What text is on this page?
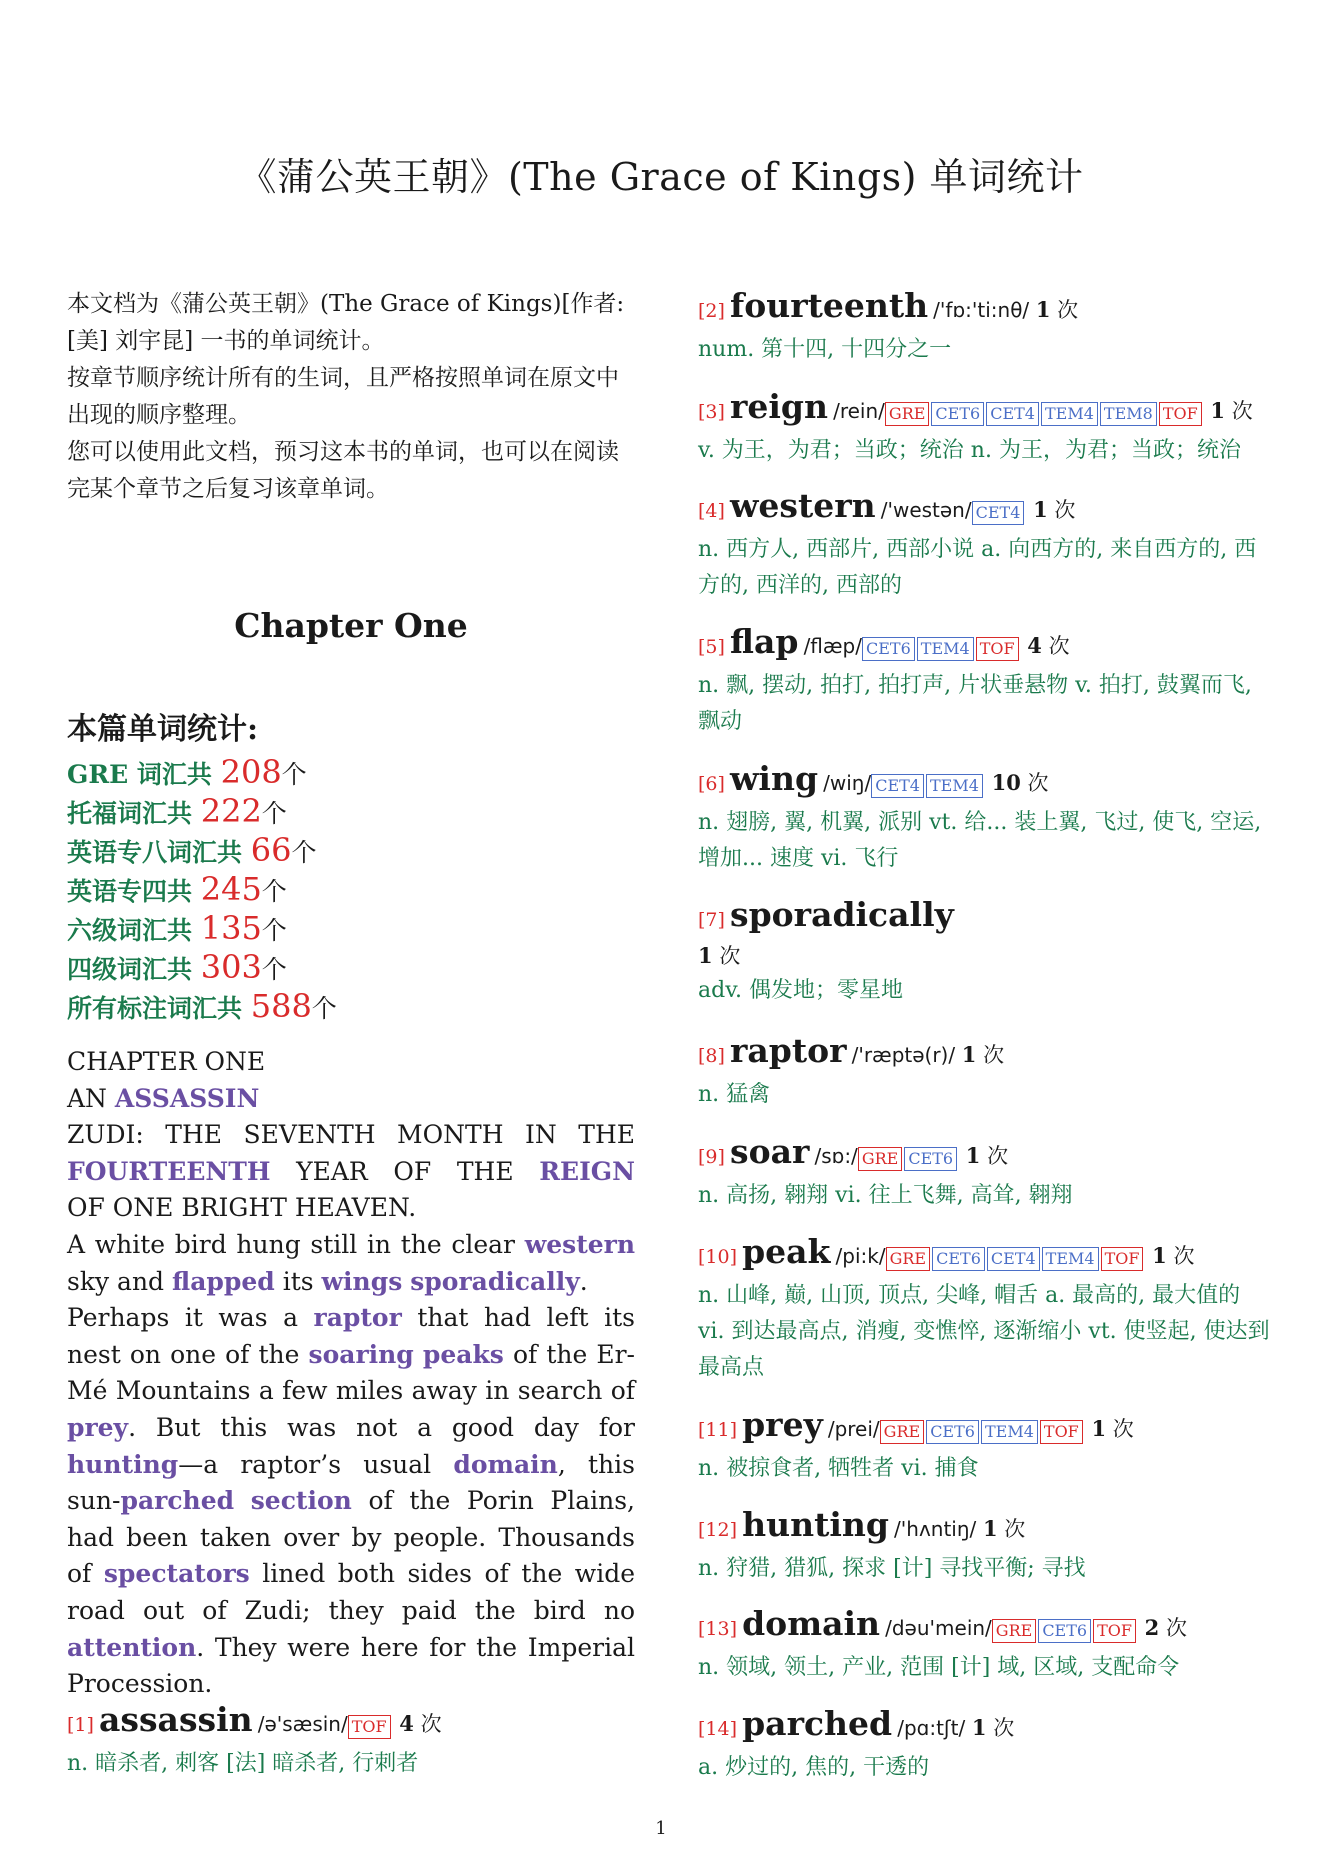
《蒲公英王朝》(The Grace of Kings) 单词统计

本文档为《蒲公英王朝》(The Grace of Kings)[作者: [美] 刘宇昆] 一书的单词统计。

按章节顺序统计所有的生词，且严格按照单词在原文中出现的顺序整理。

您可以使用此文档，预习这本书的单词，也可以在阅读完某个章节之后复习该章单词。

Chapter One
本篇单词统计:
GRE 词汇共 208个
托福词汇共 222个
英语专八词汇共 66个
英语专四共 245个
六级词汇共 135个
四级词汇共 303个
所有标注词汇共 588个
CHAPTER ONE
AN ASSASSIN
ZUDI: THE SEVENTH MONTH IN THE
FOURTEENTH YEAR OF THE REIGN
OF ONE BRIGHT HEAVEN.
A white bird hung still in the clear western sky and flapped its wings sporadically.
Perhaps it was a raptor that had left its nest on one of the soaring peaks of the Er-Mé Mountains a few miles away in search of prey. But this was not a good day for hunting—a raptor’s usual domain, this sun-parched section of the Porin Plains, had been taken over by people. Thousands of spectators lined both sides of the wide road out of Zudi; they paid the bird no attention. They were here for the Imperial Procession.
[1] assassin /ə'sæsin/ TOF 4 次
n. 暗杀者, 刺客 [法] 暗杀者, 行刺者
[2] fourteenth /'fɒ:'ti:nθ/ 1 次
num. 第十四, 十四分之一
[3] reign /rein/ GRE CET6 CET4 TEM4 TEM8 TOF 1 次
v. 为王，为君；当政；统治 n. 为王，为君；当政；统治
[4] western /'westən/ CET4 1 次
n. 西方人, 西部片, 西部小说 a. 向西方的, 来自西方的, 西方的, 西洋的, 西部的
[5] flap /flæp/ CET6 TEM4 TOF 4 次
n. 飘, 摆动, 拍打, 拍打声, 片状垂悬物 v. 拍打, 鼓翼而飞, 飘动
[6] wing /wiŋ/ CET4 TEM4 10 次
n. 翅膀, 翼, 机翼, 派别 vt. 给... 装上翼, 飞过, 使飞, 空运, 增加... 速度 vi. 飞行
[7] sporadically
1 次
adv. 偶发地；零星地
[8] raptor /'ræptə(r)/ 1 次
n. 猛禽
[9] soar /sɒ:/ GRE CET6 1 次
n. 高扬, 翱翔 vi. 往上飞舞, 高耸, 翱翔
[10] peak /pi:k/ GRE CET6 CET4 TEM4 TOF 1 次
n. 山峰, 巅, 山顶, 顶点, 尖峰, 帽舌 a. 最高的, 最大值的 vi. 到达最高点, 消瘦, 变憔悴, 逐渐缩小 vt. 使竖起, 使达到最高点
[11] prey /prei/ GRE CET6 TEM4 TOF 1 次
n. 被掠食者, 牺牲者 vi. 捕食
[12] hunting /'hʌntiŋ/ 1 次
n. 狩猎, 猎狐, 探求 [计] 寻找平衡; 寻找
[13] domain /dəu'mein/ GRE CET6 TOF 2 次
n. 领域, 领土, 产业, 范围 [计] 域, 区域, 支配命令
[14] parched /pɑ:tʃt/ 1 次
a. 炒过的, 焦的, 干透的
1
